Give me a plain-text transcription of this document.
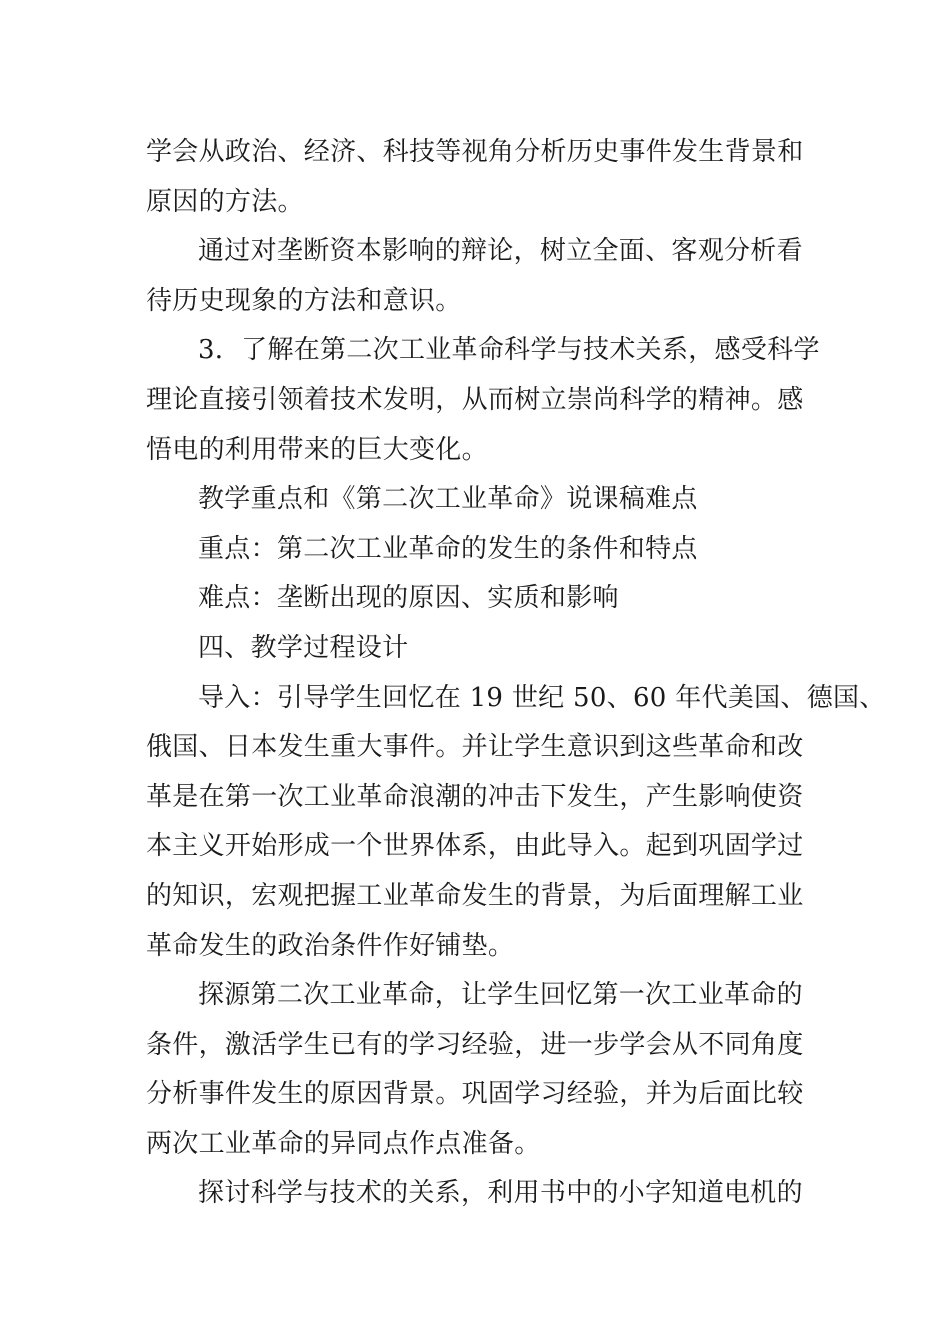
学会从政治、经济、科技等视角分析历史事件发生背景和

原因的方法。

通过对垄断资本影响的辩论，树立全面、客观分析看

待历史现象的方法和意识。

3．了解在第二次工业革命科学与技术关系，感受科学

理论直接引领着技术发明，从而树立崇尚科学的精神。感

悟电的利用带来的巨大变化。

教学重点和《第二次工业革命》说课稿难点

重点：第二次工业革命的发生的条件和特点

难点：垄断出现的原因、实质和影响

四、教学过程设计

导入：引导学生回忆在 19 世纪 50、60 年代美国、德国、

俄国、日本发生重大事件。并让学生意识到这些革命和改

革是在第一次工业革命浪潮的冲击下发生，产生影响使资

本主义开始形成一个世界体系，由此导入。起到巩固学过

的知识，宏观把握工业革命发生的背景，为后面理解工业

革命发生的政治条件作好铺垫。

探源第二次工业革命，让学生回忆第一次工业革命的

条件，激活学生已有的学习经验，进一步学会从不同角度

分析事件发生的原因背景。巩固学习经验，并为后面比较

两次工业革命的异同点作点准备。

探讨科学与技术的关系，利用书中的小字知道电机的
